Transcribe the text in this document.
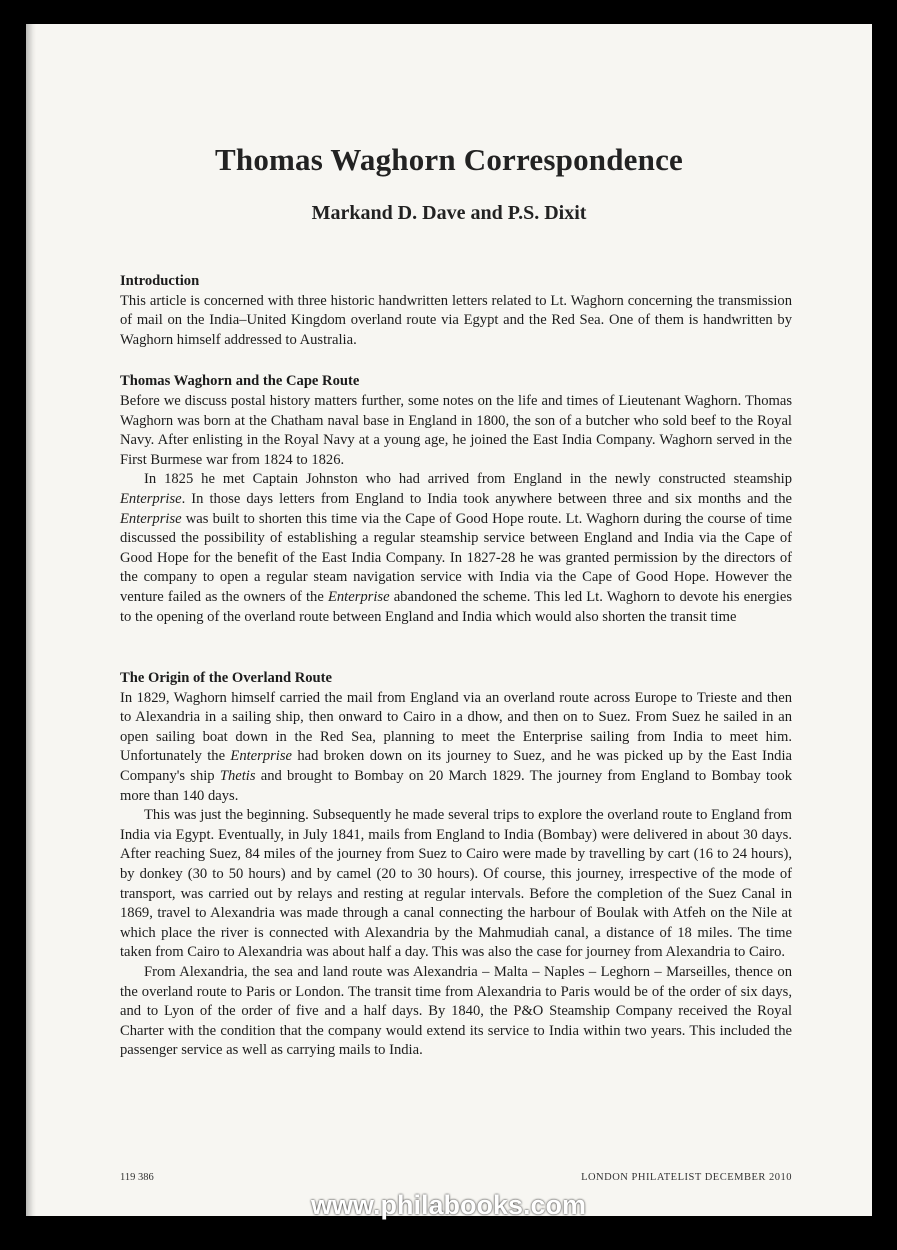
Thomas Waghorn Correspondence
Markand D. Dave and P.S. Dixit
Introduction

This article is concerned with three historic handwritten letters related to Lt. Waghorn concerning the transmission of mail on the India–United Kingdom overland route via Egypt and the Red Sea. One of them is handwritten by Waghorn himself addressed to Australia.

Thomas Waghorn and the Cape Route

Before we discuss postal history matters further, some notes on the life and times of Lieutenant Waghorn. Thomas Waghorn was born at the Chatham naval base in England in 1800, the son of a butcher who sold beef to the Royal Navy. After enlisting in the Royal Navy at a young age, he joined the East India Company. Waghorn served in the First Burmese war from 1824 to 1826.

In 1825 he met Captain Johnston who had arrived from England in the newly constructed steamship Enterprise. In those days letters from England to India took anywhere between three and six months and the Enterprise was built to shorten this time via the Cape of Good Hope route. Lt. Waghorn during the course of time discussed the possibility of establishing a regular steamship service between England and India via the Cape of Good Hope for the benefit of the East India Company. In 1827-28 he was granted permission by the directors of the company to open a regular steam navigation service with India via the Cape of Good Hope. However the venture failed as the owners of the Enterprise abandoned the scheme. This led Lt. Waghorn to devote his energies to the opening of the overland route between England and India which would also shorten the transit time

The Origin of the Overland Route

In 1829, Waghorn himself carried the mail from England via an overland route across Europe to Trieste and then to Alexandria in a sailing ship, then onward to Cairo in a dhow, and then on to Suez. From Suez he sailed in an open sailing boat down in the Red Sea, planning to meet the Enterprise sailing from India to meet him. Unfortunately the Enterprise had broken down on its journey to Suez, and he was picked up by the East India Company's ship Thetis and brought to Bombay on 20 March 1829. The journey from England to Bombay took more than 140 days.

This was just the beginning. Subsequently he made several trips to explore the overland route to England from India via Egypt. Eventually, in July 1841, mails from England to India (Bombay) were delivered in about 30 days. After reaching Suez, 84 miles of the journey from Suez to Cairo were made by travelling by cart (16 to 24 hours), by donkey (30 to 50 hours) and by camel (20 to 30 hours). Of course, this journey, irrespective of the mode of transport, was carried out by relays and resting at regular intervals. Before the completion of the Suez Canal in 1869, travel to Alexandria was made through a canal connecting the harbour of Boulak with Atfeh on the Nile at which place the river is connected with Alexandria by the Mahmudiah canal, a distance of 18 miles. The time taken from Cairo to Alexandria was about half a day. This was also the case for journey from Alexandria to Cairo.

From Alexandria, the sea and land route was Alexandria – Malta – Naples – Leghorn – Marseilles, thence on the overland route to Paris or London. The transit time from Alexandria to Paris would be of the order of six days, and to Lyon of the order of five and a half days. By 1840, the P&O Steamship Company received the Royal Charter with the condition that the company would extend its service to India within two years. This included the passenger service as well as carrying mails to India.

119 386	LONDON PHILATELIST DECEMBER 2010
www.philabooks.com
